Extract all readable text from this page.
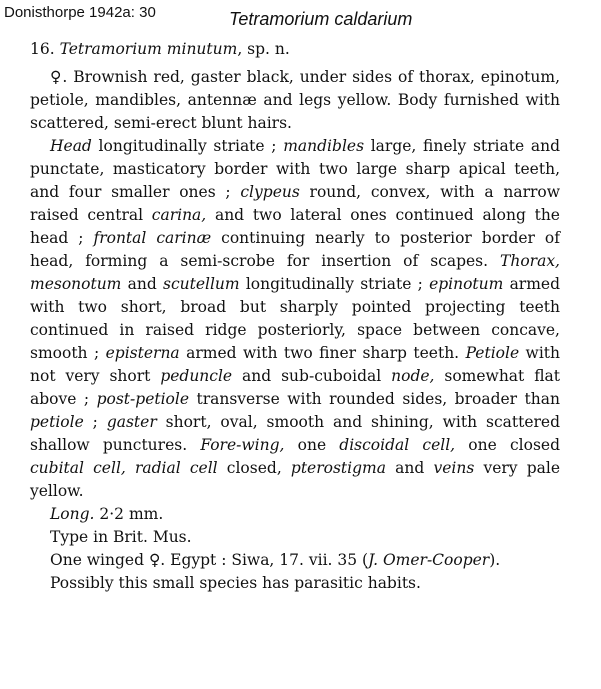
Donisthorpe 1942a: 30	Tetramorium caldarium

16. Tetramorium minutum, sp. n.

♀. Brownish red, gaster black, under sides of thorax, epinotum, petiole, mandibles, antennæ and legs yellow. Body furnished with scattered, semi-erect blunt hairs.

Head longitudinally striate ; mandibles large, finely striate and punctate, masticatory border with two large sharp apical teeth, and four smaller ones ; clypeus round, convex, with a narrow raised central carina, and two lateral ones continued along the head ; frontal carinæ continuing nearly to posterior border of head, forming a semi-scrobe for insertion of scapes. Thorax, mesonotum and scutellum longitudinally striate ; epinotum armed with two short, broad but sharply pointed projecting teeth continued in raised ridge posteriorly, space between concave, smooth ; episterna armed with two finer sharp teeth. Petiole with not very short peduncle and sub-cuboidal node, somewhat flat above ; post-petiole transverse with rounded sides, broader than petiole ; gaster short, oval, smooth and shining, with scattered shallow punctures. Fore-wing, one discoidal cell, one closed cubital cell, radial cell closed, pterostigma and veins very pale yellow.

Long. 2·2 mm.

Type in Brit. Mus.

One winged ♀. Egypt : Siwa, 17. vii. 35 (J. Omer-Cooper).

Possibly this small species has parasitic habits.
